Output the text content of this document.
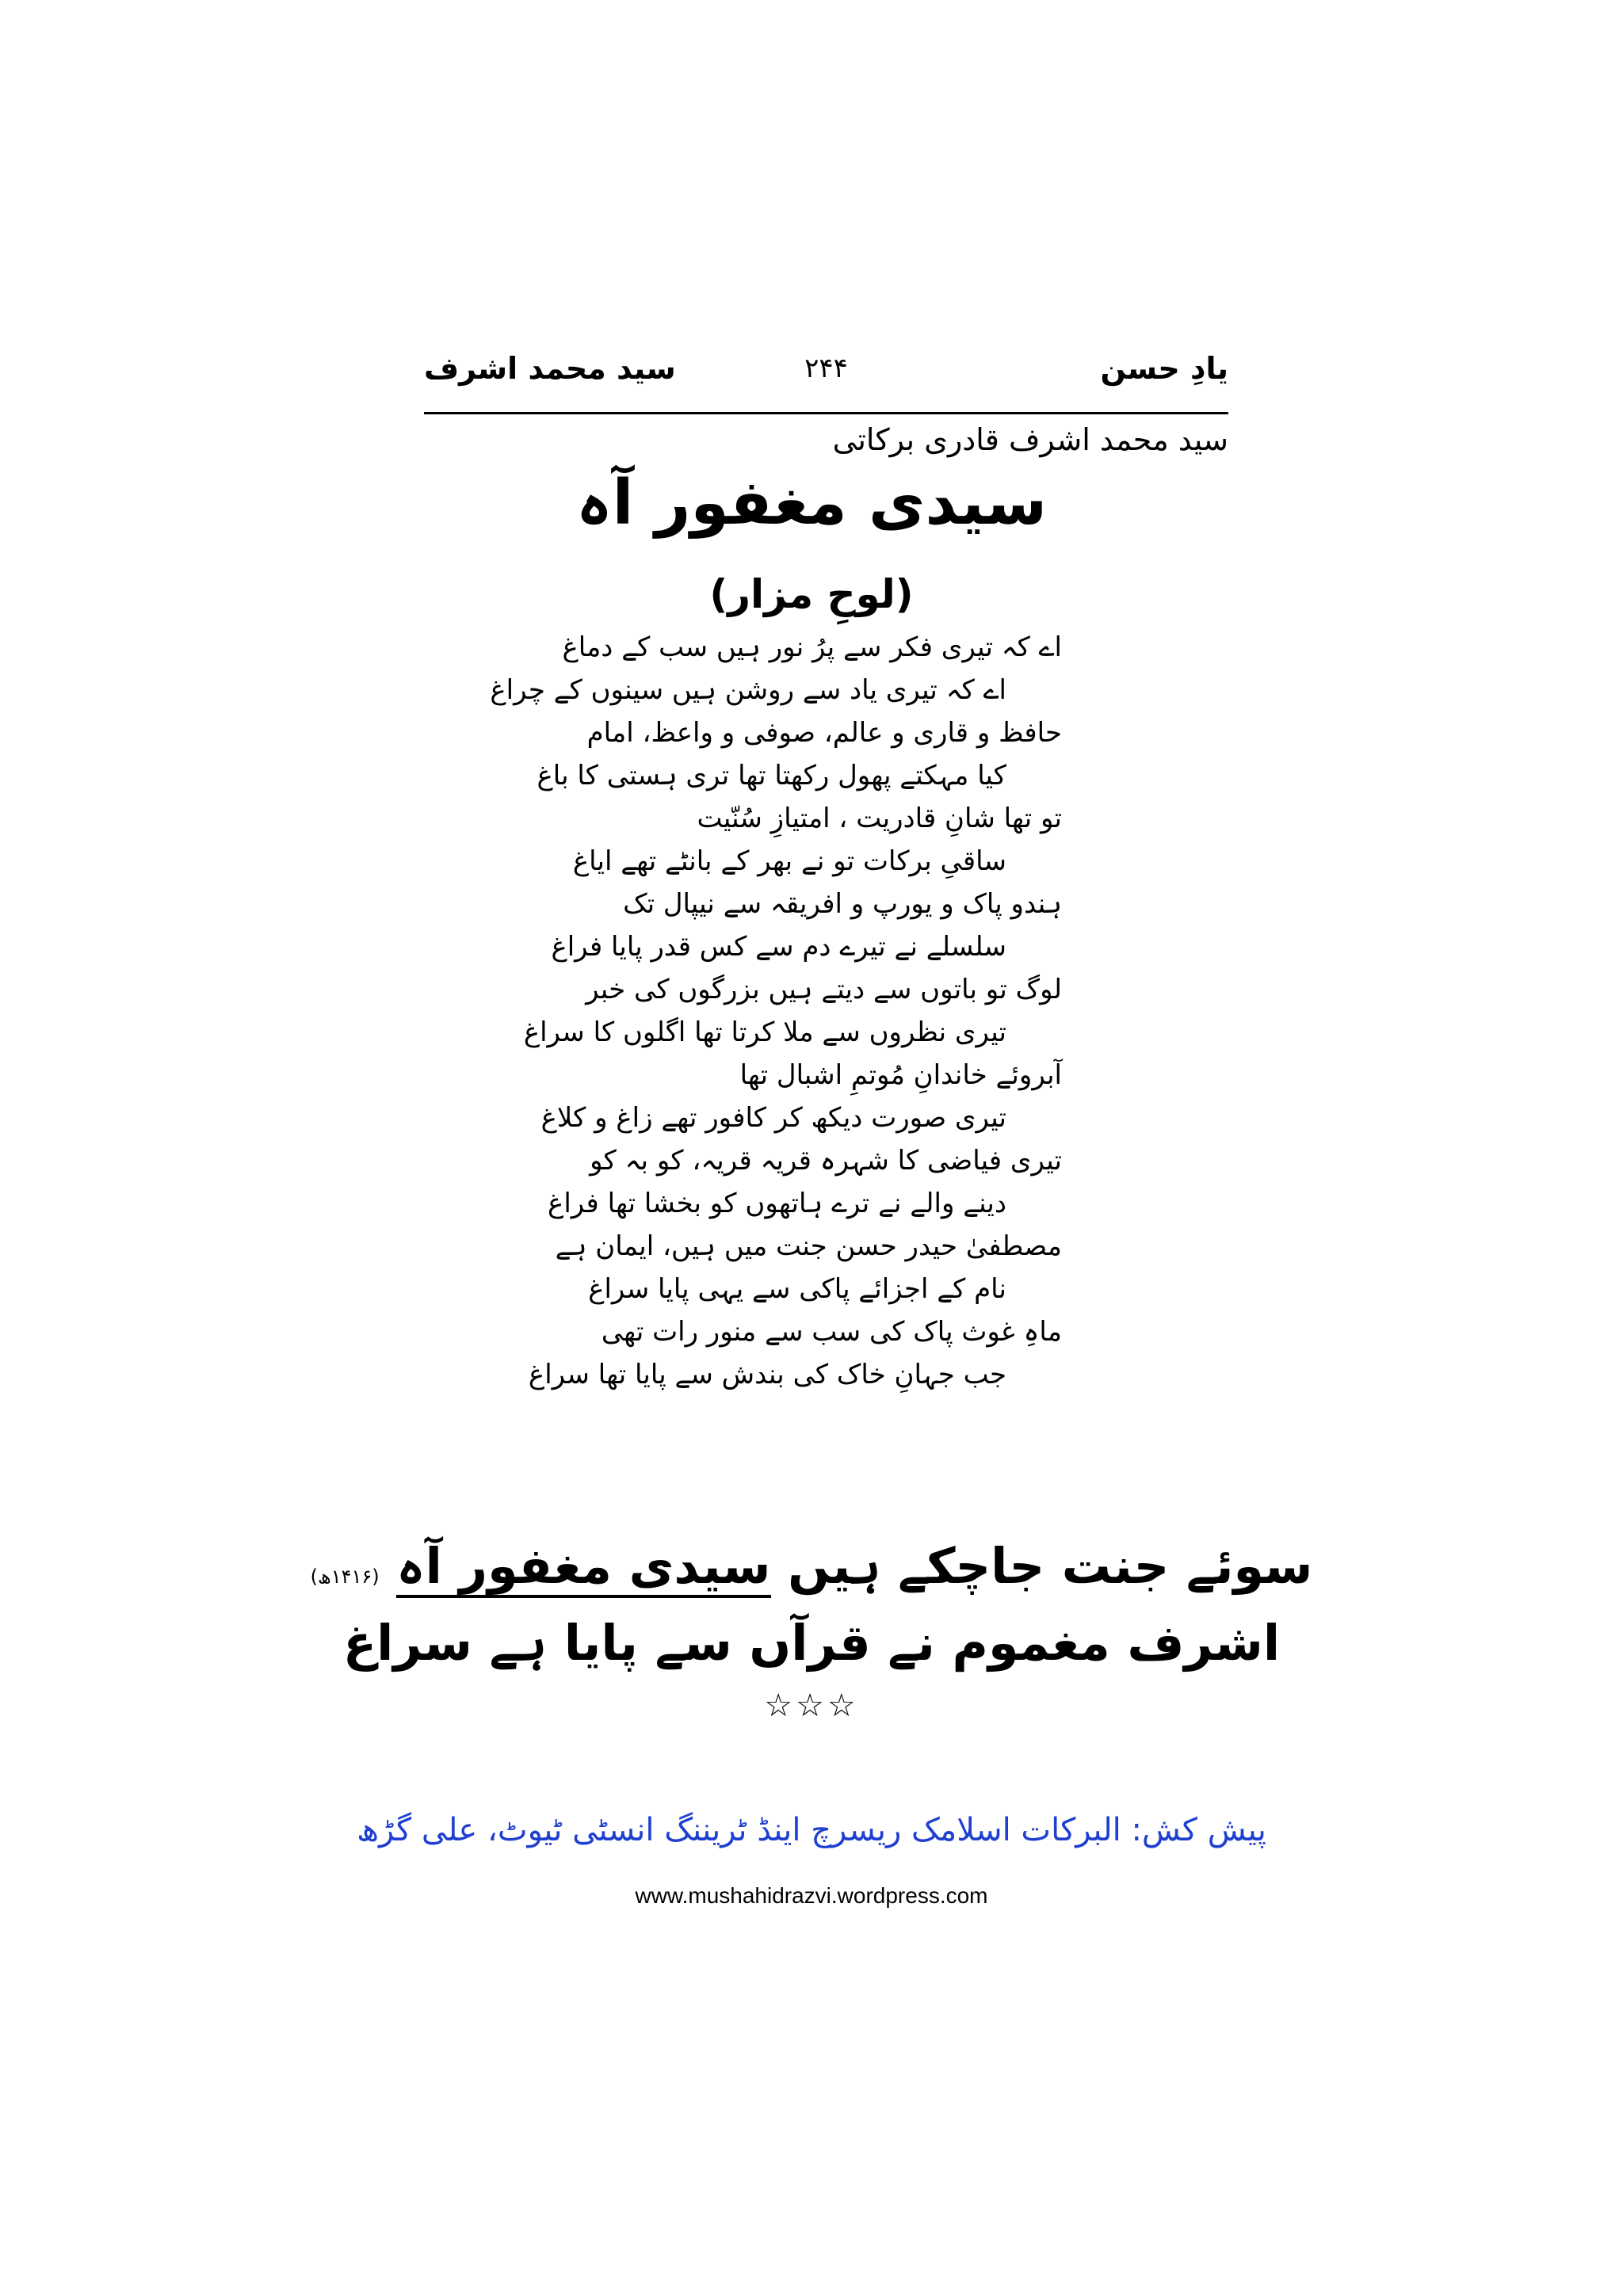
یادِ حسن
۲۴۴
سید محمد اشرف
سید محمد اشرف قادری برکاتی
سیدی مغفور آہ
(لوحِ مزار)
اے کہ تیری فکر سے پرُ نور ہیں سب کے دماغ
اے کہ تیری یاد سے روشن ہیں سینوں کے چراغ
حافظ و قاری و عالم، صوفی و واعظ، امام
کیا مہکتے پھول رکھتا تھا تری ہستی کا باغ
تو تھا شانِ قادریت ، امتیازِ سُنّیت
ساقیِ برکات تو نے بھر کے بانٹے تھے ایاغ
ہندو پاک و یورپ و افریقہ سے نیپال تک
سلسلے نے تیرے دم سے کس قدر پایا فراغ
لوگ تو باتوں سے دیتے ہیں بزرگوں کی خبر
تیری نظروں سے ملا کرتا تھا اگلوں کا سراغ
آبروئے خاندانِ مُوتمِ اشبال تھا
تیری صورت دیکھ کر کافور تھے زاغ و کلاغ
تیری فیاضی کا شہرہ قریہ قریہ، کو بہ کو
دینے والے نے ترے ہاتھوں کو بخشا تھا فراغ
مصطفیٰ حیدر حسن جنت میں ہیں، ایمان ہے
نام کے اجزائے پاکی سے یہی پایا سراغ
ماہِ غوث پاک کی سب سے منور رات تھی
جب جہانِ خاک کی بندش سے پایا تھا سراغ
سوئے جنت جاچکے ہیں سیدی مغفور آہ (۱۴۱۶ھ)
اشرف مغموم نے قرآں سے پایا ہے سراغ
☆☆☆
پیش کش: البرکات اسلامک ریسرچ اینڈ ٹریننگ انسٹی ٹیوٹ، علی گڑھ
www.mushahidrazvi.wordpress.com
